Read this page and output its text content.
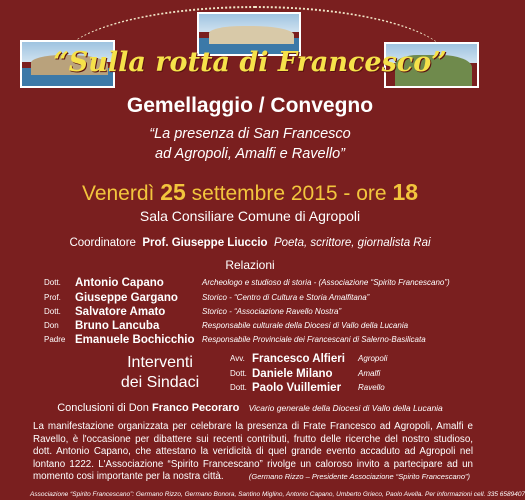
“Sulla rotta di Francesco”
Gemellaggio / Convegno
“La presenza di San Francesco
ad Agropoli, Amalfi e Ravello”
Venerdì 25 settembre 2015 - ore 18
Sala Consiliare Comune di Agropoli
Coordinatore Prof. Giuseppe Liuccio Poeta, scrittore, giornalista Rai
Relazioni
Dott. Antonio Capano	Archeologo e studioso di storia - (Associazione “Spirito Francescano”)
Prof. Giuseppe Gargano	Storico - “Centro di Cultura e Storia Amalfitana”
Dott. Salvatore Amato	Storico - “Associazione Ravello Nostra”
Don Bruno Lancuba	Responsabile culturale della Diocesi di Vallo della Lucania
Padre Emanuele Bochicchio Responsabile Provinciale dei Francescani di Salerno-Basilicata
Interventi
dei Sindaci
Avv. Francesco Alfieri Agropoli
Dott. Daniele Milano	Amalfi
Dott. Paolo Vuillemier Ravello
Conclusioni di Don Franco Pecoraro Vicario generale della Diocesi di Vallo della Lucania
La manifestazione organizzata per celebrare la presenza di Frate Francesco ad Agropoli, Amalfi e Ravello, è l'occasione per dibattere sui recenti contributi, frutto delle ricerche del nostro studioso, dott. Antonio Capano, che attestano la veridicità di quel grande evento accaduto ad Agropoli nel lontano 1222. L'Associazione “Spirito Francescano” rivolge un caloroso invito a partecipare ad un momento cosi importante per la nostra città.	(Germano Rizzo – Presidente Associazione “Spirito Francescano”)
Associazione “Spirito Francescano”: Germano Rizzo, Germano Bonora, Santino Miglino, Antonio Capano, Umberto Grieco, Paolo Avella. Per informazioni cell. 335 6589407
